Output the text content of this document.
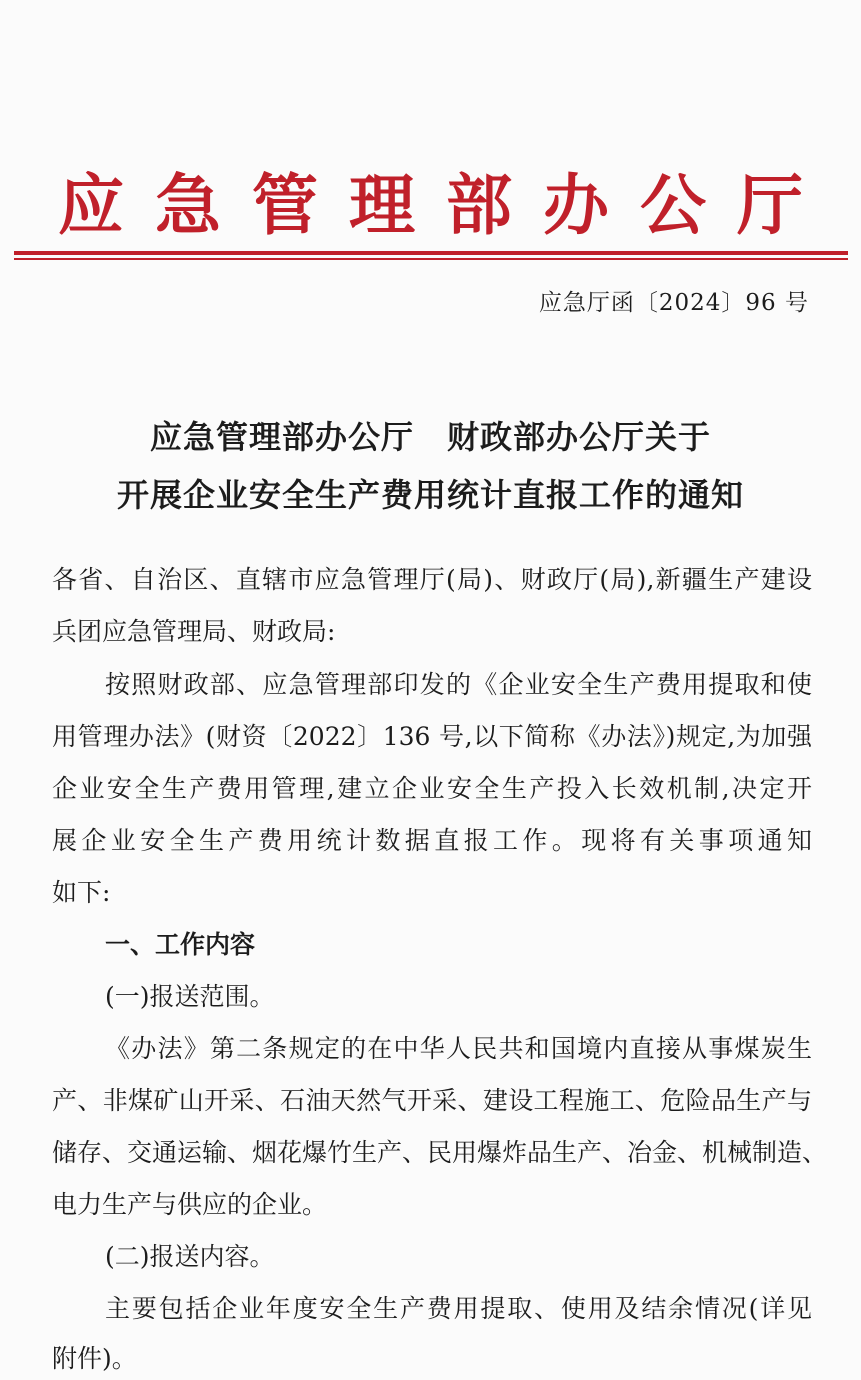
应急管理部办公厅
应急厅函〔2024〕96 号
应急管理部办公厅　财政部办公厅关于
开展企业安全生产费用统计直报工作的通知
各省、自治区、直辖市应急管理厅(局)、财政厅(局),新疆生产建设
兵团应急管理局、财政局:
按照财政部、应急管理部印发的《企业安全生产费用提取和使
用管理办法》(财资〔2022〕136 号,以下简称《办法》)规定,为加强
企业安全生产费用管理,建立企业安全生产投入长效机制,决定开
展企业安全生产费用统计数据直报工作。现将有关事项通知
如下:
一、工作内容
(一)报送范围。
《办法》第二条规定的在中华人民共和国境内直接从事煤炭生
产、非煤矿山开采、石油天然气开采、建设工程施工、危险品生产与
储存、交通运输、烟花爆竹生产、民用爆炸品生产、冶金、机械制造、
电力生产与供应的企业。
(二)报送内容。
主要包括企业年度安全生产费用提取、使用及结余情况(详见
附件)。
